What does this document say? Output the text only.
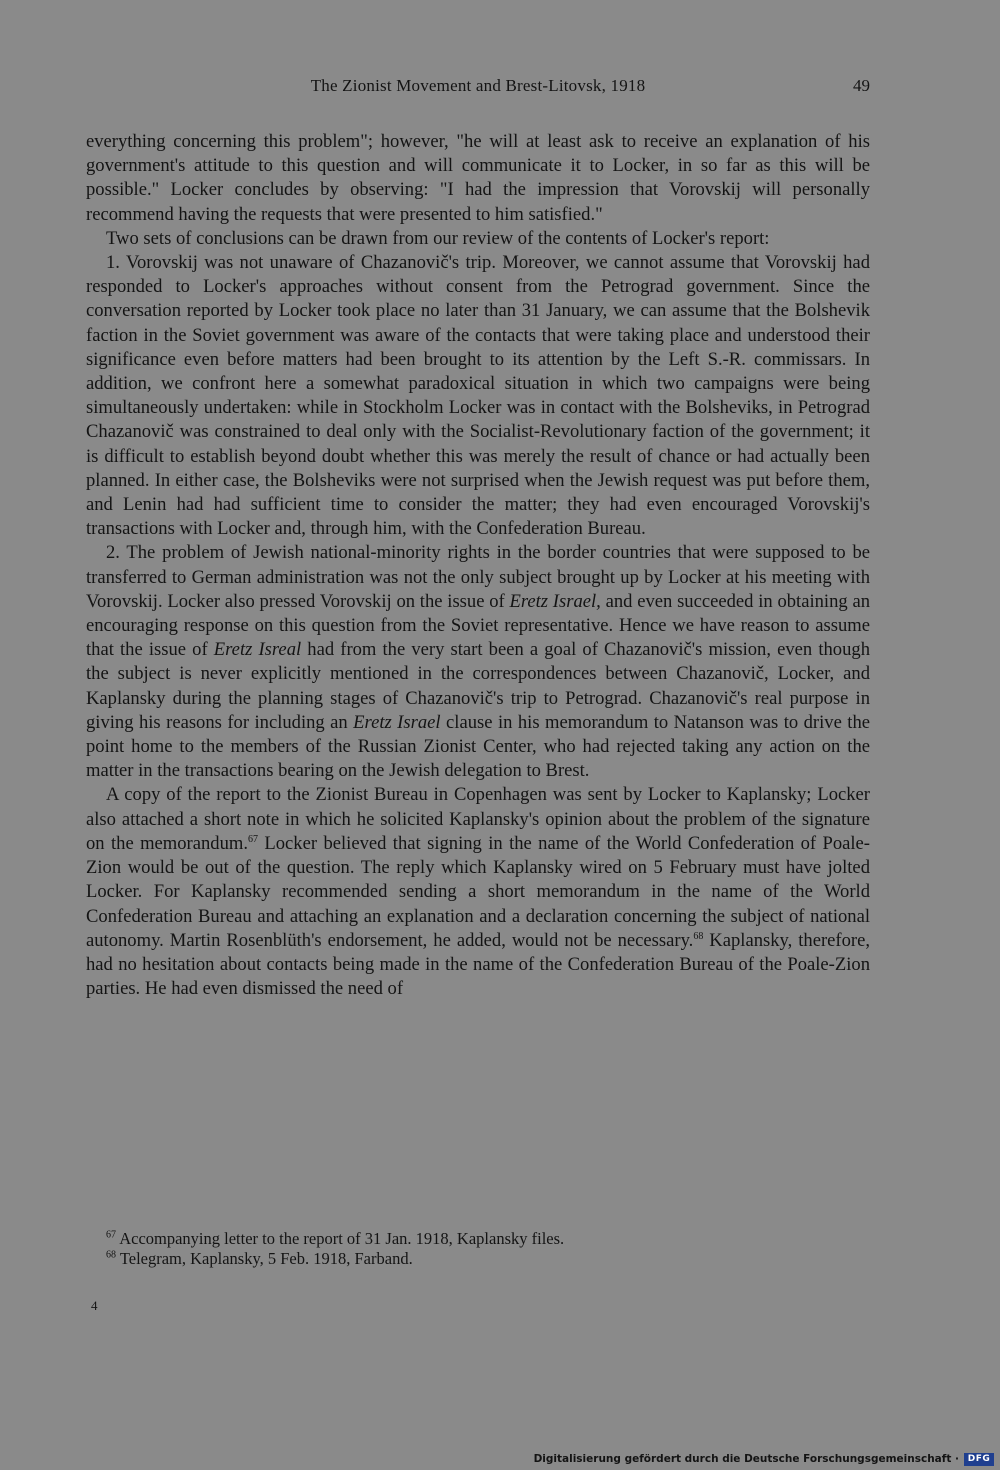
The Zionist Movement and Brest-Litovsk, 1918	49

everything concerning this problem"; however, "he will at least ask to receive an explanation of his government's attitude to this question and will communicate it to Locker, in so far as this will be possible." Locker concludes by observing: "I had the impression that Vorovskij will personally recommend having the requests that were presented to him satisfied."

Two sets of conclusions can be drawn from our review of the contents of Locker's report:

1. Vorovskij was not unaware of Chazanovič's trip. Moreover, we cannot assume that Vorovskij had responded to Locker's approaches without consent from the Petrograd government. Since the conversation reported by Locker took place no later than 31 January, we can assume that the Bolshevik faction in the Soviet government was aware of the contacts that were taking place and understood their significance even before matters had been brought to its attention by the Left S.-R. commissars. In addition, we confront here a somewhat paradoxical situation in which two campaigns were being simultaneously undertaken: while in Stockholm Locker was in contact with the Bolsheviks, in Petrograd Chazanovič was constrained to deal only with the Socialist-Revolutionary faction of the government; it is difficult to establish beyond doubt whether this was merely the result of chance or had actually been planned. In either case, the Bolsheviks were not surprised when the Jewish request was put before them, and Lenin had had sufficient time to consider the matter; they had even encouraged Vorovskij's transactions with Locker and, through him, with the Confederation Bureau.

2. The problem of Jewish national-minority rights in the border countries that were supposed to be transferred to German administration was not the only subject brought up by Locker at his meeting with Vorovskij. Locker also pressed Vorovskij on the issue of Eretz Israel, and even succeeded in obtaining an encouraging response on this question from the Soviet representative. Hence we have reason to assume that the issue of Eretz Isreal had from the very start been a goal of Chazanovič's mission, even though the subject is never explicitly mentioned in the correspondences between Chazanovič, Locker, and Kaplansky during the planning stages of Chazanovič's trip to Petrograd. Chazanovič's real purpose in giving his reasons for including an Eretz Israel clause in his memorandum to Natanson was to drive the point home to the members of the Russian Zionist Center, who had rejected taking any action on the matter in the transactions bearing on the Jewish delegation to Brest.

A copy of the report to the Zionist Bureau in Copenhagen was sent by Locker to Kaplansky; Locker also attached a short note in which he solicited Kaplansky's opinion about the problem of the signature on the memorandum.$^{67}$ Locker believed that signing in the name of the World Confederation of Poale-Zion would be out of the question. The reply which Kaplansky wired on 5 February must have jolted Locker. For Kaplansky recommended sending a short memorandum in the name of the World Confederation Bureau and attaching an explanation and a declaration concerning the subject of national autonomy. Martin Rosenblüth's endorsement, he added, would not be necessary.$^{68}$ Kaplansky, therefore, had no hesitation about contacts being made in the name of the Confederation Bureau of the Poale-Zion parties. He had even dismissed the need of

$^{67}$ Accompanying letter to the report of 31 Jan. 1918, Kaplansky files.

$^{68}$ Telegram, Kaplansky, 5 Feb. 1918, Farband.

4
Digitalisierung gefördert durch die Deutsche Forschungsgemeinschaft · DFG
